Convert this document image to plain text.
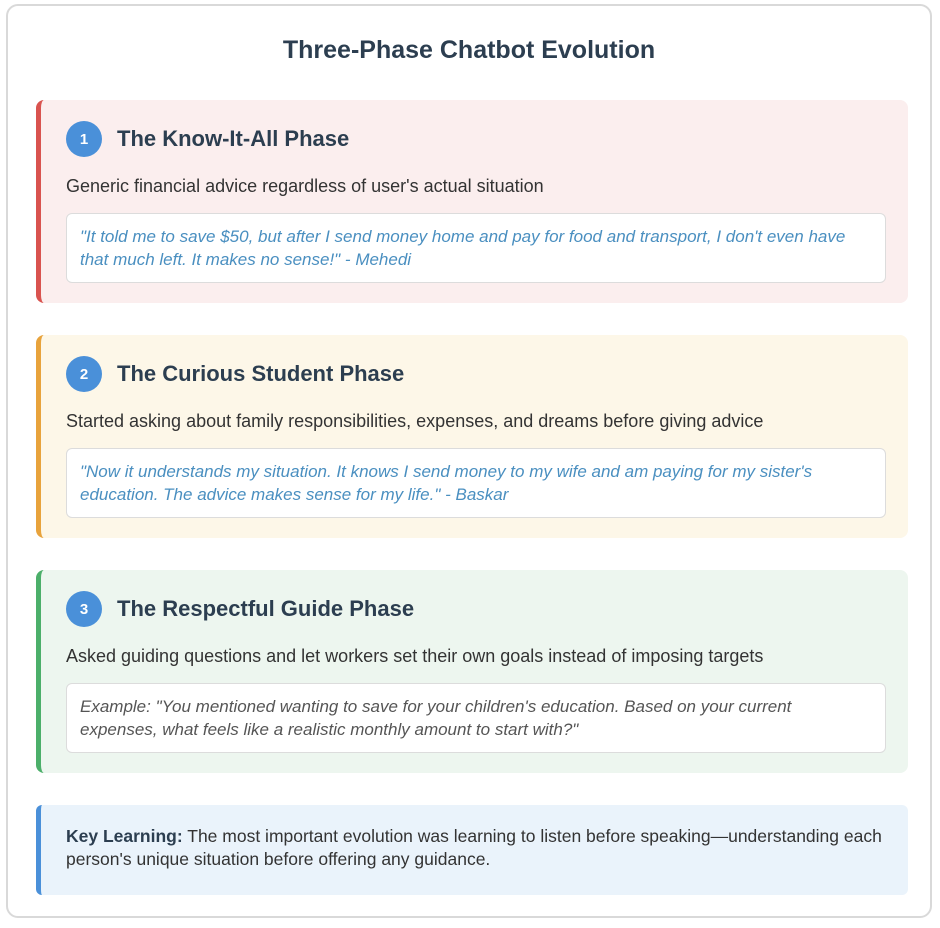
Three-Phase Chatbot Evolution
1	The Know-It-All Phase
Generic financial advice regardless of user's actual situation
"It told me to save $50, but after I send money home and pay for food and transport, I don't even have that much left. It makes no sense!" - Mehedi
2	The Curious Student Phase
Started asking about family responsibilities, expenses, and dreams before giving advice
"Now it understands my situation. It knows I send money to my wife and am paying for my sister's education. The advice makes sense for my life." - Baskar
3	The Respectful Guide Phase
Asked guiding questions and let workers set their own goals instead of imposing targets
Example: "You mentioned wanting to save for your children's education. Based on your current expenses, what feels like a realistic monthly amount to start with?"
Key Learning: The most important evolution was learning to listen before speaking—understanding each person's unique situation before offering any guidance.
